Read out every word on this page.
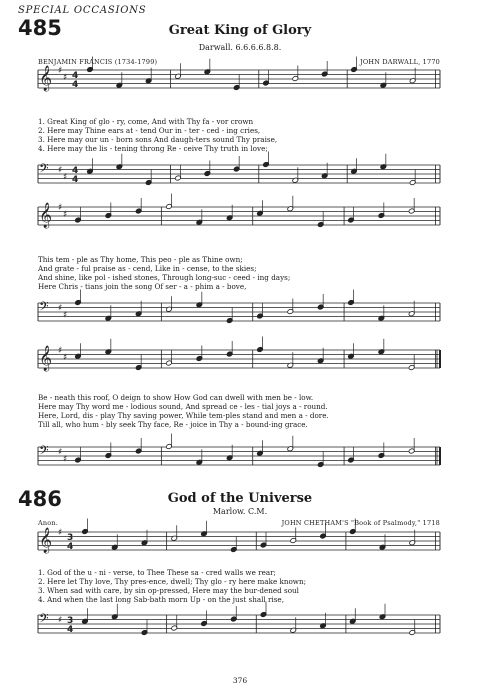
SPECIAL OCCASIONS
485	Great King of Glory
Darwall. 6.6.6.6.8.8.
BENJAMIN FRANCIS (1734-1799)	JOHN DARWALL, 1770
𝄞 ♯
♯ 4
4
1. Great King of glo - ry, come, And with Thy fa - vor crown
2. Here may Thine ears at - tend Our in - ter - ced - ing cries,
3. Here may our un - born sons And daugh-ters sound Thy praise,
4. Here may the lis - tening throng Re - ceive Thy truth in love;
𝄢 ♯
♯
4
4
𝄞 ♯
♯
This tem - ple as Thy home, This peo - ple as Thine own;
And grate - ful praise as - cend, Like in - cense, to the skies;
And shine, like pol - ished stones, Through long-suc - ceed - ing days;
Here Chris - tians join the song Of ser - a - phim a - bove,
𝄢 ♯
♯
𝄞 ♯
♯
Be - neath this roof, O deign to show How God can dwell with men be - low.
Here may Thy word me - lodious sound, And spread ce - les - tial joys a - round.
Here, Lord, dis - play Thy saving power, While tem-ples stand and men a - dore.
Till all, who hum - bly seek Thy face, Re - joice in Thy a - bound-ing grace.
𝄢 ♯
♯
486	God of the Universe
Marlow. C.M.
Anon.	JOHN CHETHAM'S "Book of Psalmody," 1718
𝄞 ♯ 3
4
1. God of the u - ni - verse, to Thee These sa - cred walls we rear;
2. Here let Thy love, Thy pres-ence, dwell; Thy glo - ry here make known;
3. When sad with care, by sin op-pressed, Here may the bur-dened soul
4. And when the last long Sab-bath morn Up - on the just shall rise,
𝄢 ♯ 3
4
376
